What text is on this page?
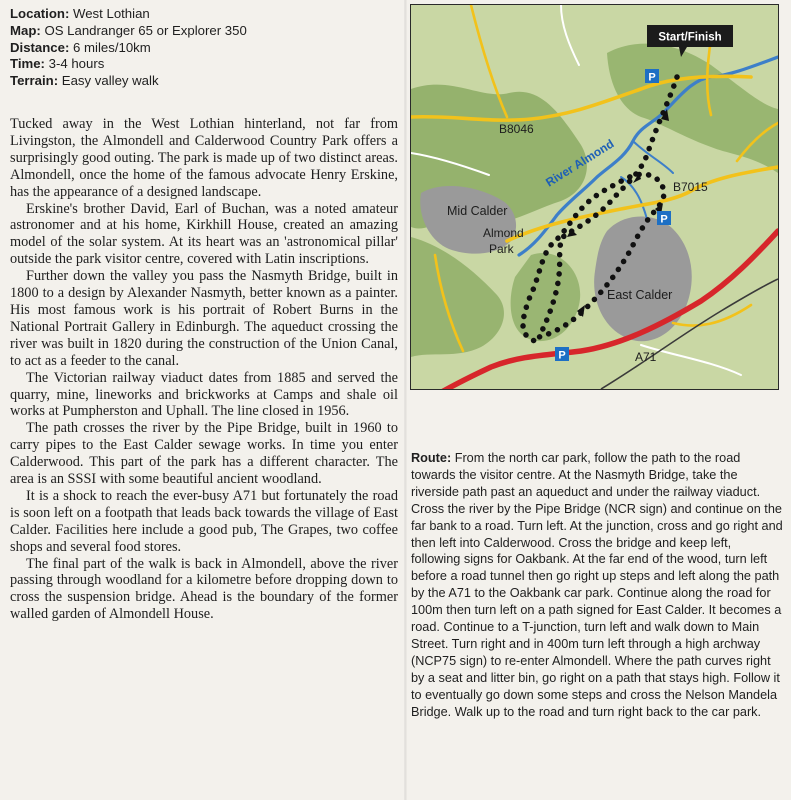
Location: West Lothian
Map: OS Landranger 65 or Explorer 350
Distance: 6 miles/10km
Time: 3-4 hours
Terrain: Easy valley walk

Tucked away in the West Lothian hinterland, not far from Livingston, the Almondell and Calderwood Country Park offers a surprisingly good outing. The park is made up of two distinct areas. Almondell, once the home of the famous advocate Henry Erskine, has the appearance of a designed landscape.

Erskine's brother David, Earl of Buchan, was a noted amateur astronomer and at his home, Kirkhill House, created an amazing model of the solar system. At its heart was an 'astronomical pillar' outside the park visitor centre, covered with Latin inscriptions.

Further down the valley you pass the Nasmyth Bridge, built in 1800 to a design by Alexander Nasmyth, better known as a painter. His most famous work is his portrait of Robert Burns in the National Portrait Gallery in Edinburgh. The aqueduct crossing the river was built in 1820 during the construction of the Union Canal, to act as a feeder to the canal.

The Victorian railway viaduct dates from 1885 and served the quarry, mine, lineworks and brickworks at Camps and shale oil works at Pumpherston and Uphall. The line closed in 1956.

The path crosses the river by the Pipe Bridge, built in 1960 to carry pipes to the East Calder sewage works. In time you enter Calderwood. This part of the park has a different character. The area is an SSSI with some beautiful ancient woodland.

It is a shock to reach the ever-busy A71 but fortunately the road is soon left on a footpath that leads back towards the village of East Calder. Facilities here include a good pub, The Grapes, two coffee shops and several food stores.

The final part of the walk is back in Almondell, above the river passing through woodland for a kilometre before dropping down to cross the suspension bridge. Ahead is the boundary of the former walled garden of Almondell House.

P
P
P
Start/Finish
B8046
River Almond	B7015
Mid Calder
Almond
Park
East Calder
A71
Route: From the north car park, follow the path to the road towards the visitor centre. At the Nasmyth Bridge, take the riverside path past an aqueduct and under the railway viaduct. Cross the river by the Pipe Bridge (NCR sign) and continue on the far bank to a road. Turn left. At the junction, cross and go right and then left into Calderwood. Cross the bridge and keep left, following signs for Oakbank. At the far end of the wood, turn left before a road tunnel then go right up steps and left along the path by the A71 to the Oakbank car park. Continue along the road for 100m then turn left on a path signed for East Calder. It becomes a road. Continue to a T-junction, turn left and walk down to Main Street. Turn right and in 400m turn left through a high archway (NCP75 sign) to re-enter Almondell. Where the path curves right by a seat and litter bin, go right on a path that stays high. Follow it to eventually go down some steps and cross the Nelson Mandela Bridge. Walk up to the road and turn right back to the car park.
